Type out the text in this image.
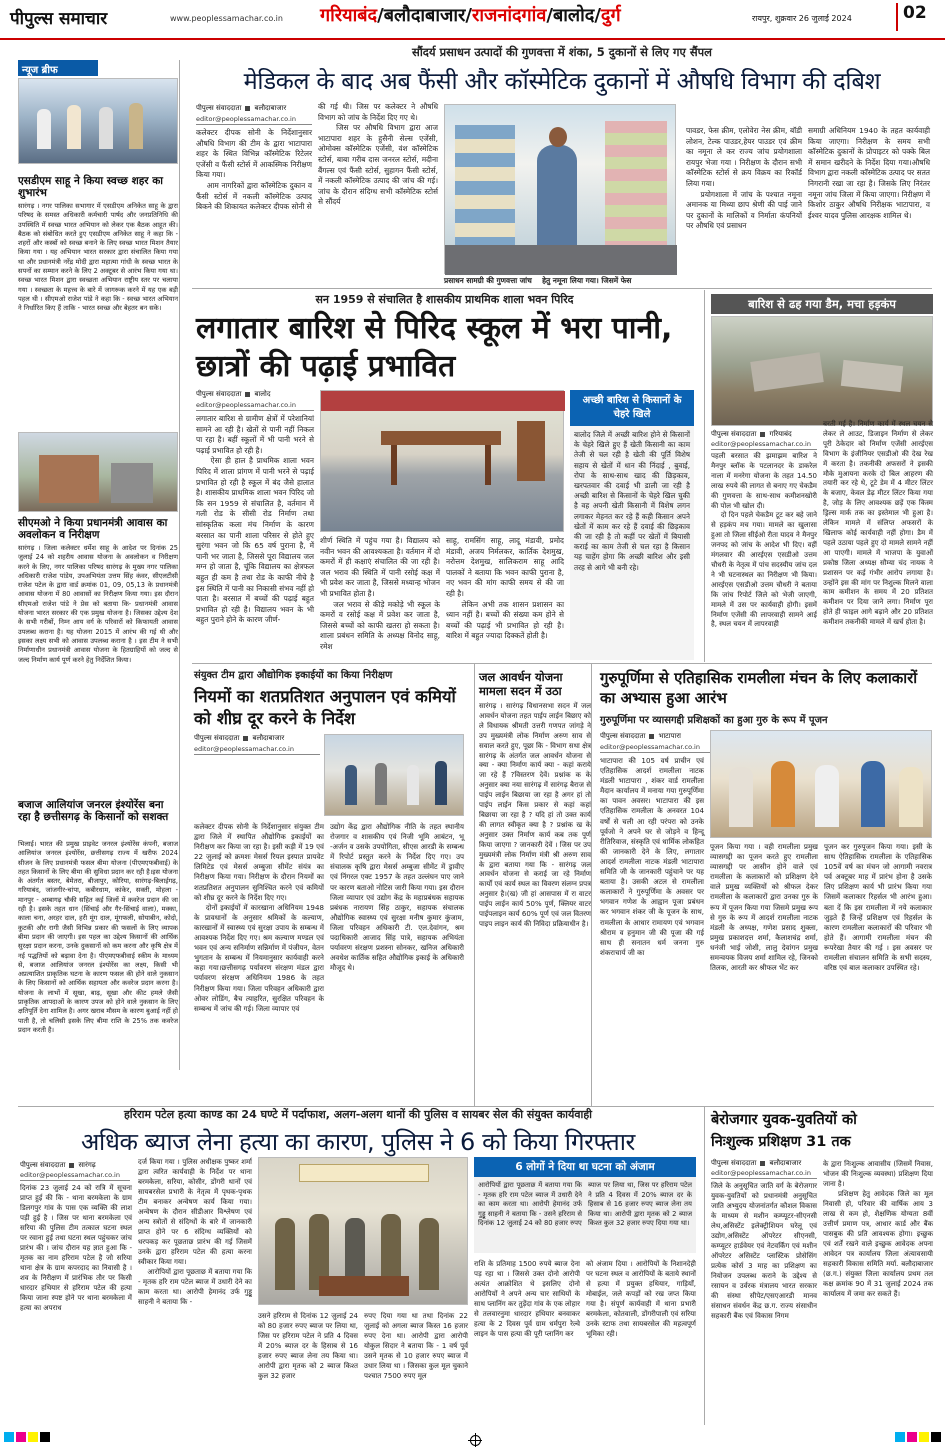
पीपुल्स समाचार	www.peoplessamachar.co.in गरियाबंद/बलौदाबाजार/राजनांदगांव/बालोद/दुर्ग	रायपुर, शुक्रवार 26 जुलाई 2024	02
न्यूज ब्रीफ
एसडीएम साहू ने किया स्वच्छ शहर का शुभारंभ
सारंगढ़ । नगर पालिका सभागार में एसडीएम अनिकेत साहू के द्वारा परिषद के समस्त अधिकारी कर्मचारी पार्षद और जनप्रतिनिधि की उपस्थिति में स्वच्छ भारत अभियान को लेकर एक बैठक आहूत की। बैठक को संबोधित करते हुए एसडीएम अनिकेत साहू ने कहा कि - शहरों और कस्बों को स्वच्छ बनाने के लिए स्वच्छ भारत मिशन तैयार किया गया । यह अभियान भारत सरकार द्वारा संचालित किया गया था और प्रधानमंत्री नरेंद्र मोदी द्वारा महात्मा गांधी के स्वच्छ भारत के सपनों का सम्मान करने के लिए 2 अक्टूबर से आरंभ किया गया था। स्वच्छ भारत मिशन द्वारा स्वच्छता अभियान राष्ट्रीय स्तर पर चलाया गया । स्वच्छता के महत्त्व के बारे में जागरूक करने में यह एक बड़ी पहल थी । सीएमओ राजेश पांडे ने कहा कि - स्वच्छ भारत अभियान ने निर्धारित किए हैं ताकि - भारत स्वच्छ और बेहतर बन सके।
सीएमओ ने किया प्रधानमंत्री आवास का अवलोकन व निरीक्षण
सारंगढ़ । जिला कलेक्टर धर्मेश साहू के आदेश पर दिनांक 25 जुलाई 24 को शहरीय आवास योजना के अवलोकन व निरीक्षण करने के लिए, नगर पालिका परिषद सारंगढ़ के मुख्य नगर पालिका अधिकारी राजेश पांडेय, उपअभियंता उत्तम सिंह कंवर, सीएलटीसी राजेश पटेल के द्वारा वार्ड क्रमांक 01, 09, 05,13 के प्रधानमंत्री आवास योजना में 80 आवासों का निरीक्षण किया गया। इस दौरान सीएमओ राजेश पांडे ने प्रेस को बताया कि- प्रधानमंत्री आवास योजना भारत सरकार की एक प्रमुख योजना है। जिसका उद्देश्य देश के सभी गरीबों, निम्न आय वर्ग के परिवारों को किफायती आवास उपलब्ध कराना है। यह योजना 2015 में आरंभ की गई थी और इसका लक्ष्य सभी को आवास उपलब्ध कराना है । इस टीम ने सभी निर्माणाधीन प्रधानमंत्री आवास योजना के हितग्राहियों को जल्द से जल्द निर्माण कार्य पूर्ण करने हेतु निर्देशित किया।
बजाज आलियांज जनरल इंश्योरेंस बना रहा है छत्तीसगढ़ के किसानों को सशक्त
भिलाई। भारत की प्रमुख प्राइवेट जनरल इंश्योरेंस कंपनी, बजाज आलियांज जनरल इंश्योरेंस, छत्तीसगढ़ राज्य में खरीफ 2024 सीजन के लिए प्रधानमंत्री फसल बीमा योजना (पीएमएफबीवाई) के तहत किसानों के लिए बीमा की सुविधा प्रदान कर रही है।इस योजना के अंतर्गत बस्तर, बेमेतरा, बीजापुर, कोरिया, सारंगढ़-बिलाईगढ़, गरियाबंद, जांजगीर-चांपा, कबीरधाम, कांकेर, सक्ती, मोहला - मानपुर - अम्बागढ़ चौकी सहित कई जिलों में कवरेज प्रदान की जा रही है। इसके तहत धान (सिंचाई और गैर-सिंचाई वाला), मक्का, काला चना, अरहर दाल, हरी मूंग दाल, मूंगफली, सोयाबीन, कोदो, कुटकी और रागी जैसी विभिन्न प्रकार की फसलों के लिए व्यापक बीमा प्रदान की जाएगी। इस पहल का उद्देश्य किसानों की आर्थिक सुरक्षा प्रदान करना, उनके दुकसानों को कम करना और कृषि क्षेत्र में नई पद्धतियों को बढ़ावा देना है। पीएमएफबीवाई स्कीम के माध्यम से, बजाज आलियांज जनरल इंश्योरेंस का लक्ष्य, किसी भी अप्रत्याशित प्राकृतिक घटना के कारण फसल की होने वाले नुकसान के लिए किसानों को आर्थिक सहायता और कवरेज प्रदान करना है। योजना के लाभों में सूखा, बाढ़, सूखा और कीट हमले जैसी प्राकृतिक आपदाओं के कारण उपज को होने वाले नुकसान के लिए क्षतिपूर्ति देना शामिल है। अगर खराब मौसम के कारण बुआई नहीं हो पाती है, तो चलिसी इसके लिए बीमा राशि के 25% तक कवरेज प्रदान करती है।
सौंदर्य प्रसाधन उत्पादों की गुणवत्ता में शंका, 5 दुकानों से लिए गए सैंपल
मेडिकल के बाद अब फैंसी और कॉस्मेटिक दुकानों में औषधि विभाग की दबिश
पीपुल्स संवाददाता बलौदाबाजार
editor@peoplessamachar.co.in
कलेक्टर दीपक सोनी के निर्देशानुसार औषधि विभाग की टीम के द्वारा भाटापारा शहर के स्थित विभिन्न कॉस्मेटिक रिटेलर एजेंसी व फैंसी स्टोर्स में आकस्मिक निरीक्षण किया गया।
आम नागरिकों द्वारा कॉस्मेटिक दुकान व फैंसी स्टोर्स में नकली कॉस्मेटिक उत्पाद बिकने की शिकायत कलेक्टर दीपक सोनी से
की गई थी। जिस पर कलेक्टर ने औषधि विभाग को जांच के निर्देश दिए गए थे।
जिस पर औषधि विभाग द्वारा आज भाटापारा शहर के हुसैनी सेल्स एजेंसी, ओमोक्स कॉस्मेटिक एजेंसी, वंश कॉस्मेटिक स्टोर्स, बाबा गरीब दास जनरल स्टोर्स, मदीना बैंगल्स एवं फैंसी स्टोर्स, सुहागन फैंसी स्टोर्स, में नकली कॉस्मेटिक उत्पाद की जांच की गई। जांच के दौरान संदिग्ध सभी कॉस्मेटिक स्टोर्स से सौंदर्य
प्रसाधन सामग्री की गुणवत्ता जांच    हेतु नमूना लिया गया। जिसमें फेस
पावडर, फेस क्रीम, एलोवेरा नेस क्रीम, बॉडी लोशन, टेल्क पाउडर,हेयर पाउडर एवं क्रीम का नमूना ले कर राज्य जांच प्रयोगशाला रायपुर भेजा गया । निरीक्षण के दौरान सभी कॉस्मेटिक स्टोर्स से क्रय विक्रय का रिकॉर्ड लिया गया।
प्रयोगशाला में जांच के पश्चात नमूना अमानक या मिथ्या छाप श्रेणी की पाई जाने पर दुकानों के मालिकों व निर्माता कंपनियों पर औषधि एवं प्रसाधन
समाग्री अधिनियम 1940 के तहत कार्यवाही किया जाएगा। निरीक्षण के समय सभी कॉस्मेटिक दुकानों के प्रोपाइटर को पक्के बिल में समान खरीदने के निर्देश दिया गया।औषधि विभाग द्वारा नकली कॉस्मेटिक उत्पाद पर सतत निगरानी रखा जा रहा है। जिसके लिए निरंतर नमूना जांच जिला में किया जाएगा। निरीक्षण में किशोर ठाकुर औषधि निरीक्षक भाटापारा, व ईश्वर यादव पुलिस आरक्षक शामिल थे।
सन 1959 से संचालित है शासकीय प्राथमिक शाला भवन पिरिद
लगातार बारिश से पिरिद स्कूल में भरा पानी, छात्रों की पढ़ाई प्रभावित
पीपुल्स संवाददाता बालोद
editor@peoplessamachar.co.in
लगातार बारिश से ग्रामीण क्षेत्रों में परेशानियां सामने आ रही है। खेतों से पानी नहीं निकल पा रहा है। बहीं स्कूलों में भी पानी भरने से पढ़ाई प्रभावित हो रही है।
ऐसा ही हाल है प्राथमिक शाला भवन पिरिद में शाला प्रांगण में पानी भरने से पढ़ाई प्रभावित हो रही है स्कूल में बंद जैसे हालात है। शासकीय प्राथमिक शाला भवन पिरिद जो कि सन 1959 से संचालित है, वर्तमान में गली रोड के सीसी रोड निर्माण तथा सांस्कृतिक कला मंच निर्माण के कारण बरसात का पानी शाला परिसर से होते हुए सुरंगा भवन जो कि 65 वर्ष पुराना है, में पानी भर जाता है, जिससे पूरा विद्यालय जल मग्न हो जाता है, चूंकि विद्यालय का क्षेत्रफल बहुत ही कम है तथा रोड के काफी नीचे है इस स्थिति में पानी का निकासी संभव नहीं हो पाता है। बरसात में बच्चों की पढ़ाई बहुत प्रभावित हो रही है। विद्यालय भवन के भी बहुत पुराने होने के कारण जीर्ण-
शीर्ण स्थिति में पहुंच गया है। विद्यालय को नवीन भवन की आवश्यकता है। वर्तमान में दो कमरों में ही कक्षाएं संचालित की जा रही है। जल भराव की स्थिति में पानी रसोई कक्ष में भी प्रवेश कर जाता है, जिससे मध्यान्ह भोजन भी प्रभावित होता है।
जल भराव से कीड़े मकोड़े भी स्कूल के कमरों व रसोई कक्ष में प्रवेश कर जाता है, जिससे बच्चों को काफी खतरा हो सकता है।शाला प्रबंधन समिति के अध्यक्ष विनोद साहू, रमेश
साहू, रामसिंग साहू, लादू मंडावी, प्रमोद मंडावी, अजय निर्मलकर, कार्तिक देशमुख, नरोत्तम देशमुख, सालिकराम साहू आदि पालकों ने बताया कि भवन काफी पुराना है, नए भवन की मांग काफी समय से की जा रही है।
लेकिन अभी तक शासन प्रशासन का ध्यान नहीं है। बच्चों की संख्या कम होने से बच्चों की पढ़ाई भी प्रभावित हो रही है। बारिश में बहुत ज्यादा दिक्कतें होती है।
अच्छी बारिश से किसानों के चेहरे खिले
बालोद जिले में अच्छी बारिश होने से किसानों के चेहरे खिले हुए हैं खेती किसानी का काम तेजी से चल रही है खेती की पूर्ति विशेष सहाय से खेतों में धान की निंदाई , बुवाई, रोपा के साथ-साथ खाद की छिड़काव, खरपतवार की दवाई भी डाली जा रही है अच्छी बारिश से किसानों के चेहरे खिल चुकी है वह अपनी खेती किसानी में विशेष लगन लगाकर मेहनत कर रहे हैं कही किसान अपने खेतों में काम कर रहे हैं दवाई की छिड़काव की जा रही है तो कहीं पर खेतों में बियासी कराई का काम तेजी से चल रहा है किसान यह चाहेंग होगा कि अच्छी बारिश और इसी तरह से आगे भी बनी रहे।
बारिश से ढह गया डैम, मचा हड़कंप
पीपुल्स संवाददाता गरियाबंद
editor@peoplessamachar.co.in
पहली बरसात की झमाझम बारिश ने मैनपुर ब्लॉक के पटलानदर के डाकरेल नाला में मनरेगा योजना के तहत 14.50 लाख रुपये की लागत से बनाए गए चेकडैम की गुणवत्ता के साथ-साथ कमीशनखोरी की पोल भी खोल दी।
दो दिन पहले चेकडैम टूट कर बहे जाने से हड़कंप मच गया। मामले का खुलासा हुआ तो जिला सीईओ रीता यादव ने मैनपुर जनपद को जांच के आदेश भी दिए। वहीं मंगलवार की आरईएस एसडीओ उत्तम चौधरी के नेतृत्व में पांच सदस्यीय जांच दल ने भी घटनास्थल का निरीक्षण भी किया। आरईएस एसडीओ उत्तम चौधरी ने बताया कि जांच रिपोर्ट जिले को भेजी जाएगी, मामले में उस पर कार्यवाही होगी। इसमें निर्माण एजेंसी की लापरवाही सामने आई है, स्थल चयन में लापरवाही
बरती गई है। निर्माण कार्य में स्थल चयन से लेकर ले आउट, डिजाइन निर्माण से लेकर पूरी ठेकेदार को निर्माण एजेंसी आरईएस विभाग के इंजीनियर एसडीओ की देख रेख में करता है। तकनीकी अफसरों ने इसकी मौके मुआयना करके दो बिल आहरण की तयारी कर रहे थे, टूटे डेम में 4 मीटर लिंटर के बजाए, केवल डेढ़ मीटर लिंटर किया गया है, जोड़ के लिए आवश्यक छड़ें एक किस्म ड्रिल्स मार्क तक का इस्तेमाल भी हुआ है। लेकिन मामले में संलिप्त अफसरों के खिलाफ कोई कार्यवाही नहीं होगा। डैम में पहले उठाया पहले हुए दो मामले सामने नहीं आ पाएगी। मामले में भाजपा के युवाओं प्रकोष्ठ जिला अध्यक्ष सौम्या चंद नायक ने प्रशासन पर कई गंभीर आरोप लगाया है। उन्होंने इस की मांग पर निशुल्क मिलने वाला काम कमीशन के समय में 20 प्रतिशत कमीशन पर दिया जाने लगा। निर्माण पूरा होते ही फाइल आगे बढ़ाने और 20 प्रतिशत कमीशन तकनीकी मामले में खर्च होता है।
संयुक्त टीम द्वारा औद्योगिक इकाईयों का किया निरीक्षण
नियमों का शतप्रतिशत अनुपालन एवं कमियों को शीघ्र दूर करने के निर्देश
पीपुल्स संवाददाता बलौदाबाजार
editor@peoplessamachar.co.in
कलेक्टर दीपक सोनी के निर्देशानुसार संयुक्त टीम द्वारा जिले में स्थापित औद्योगिक इकाईयों का निरीक्षण कर किया जा रहा है। इसी कड़ी में 19 एवं 22 जुलाई को क्रमशः मेसर्स रियल इस्पात प्रायवेट लिमिटेड एवं मेसर्स अम्बुजा सीमेंट संयंत्र का निरीक्षण किया गया। निरीक्षण के दौरान नियमों का शतप्रतिशत अनुपालन सुनिश्चित करने एवं कमियों को शीघ्र दूर करने के निर्देश दिए गए।
दोनों इकाईयों में कारखाना अधिनियम 1948 के प्रावधानों के अनुसार श्रमिकों के कल्याण, कारखानों में स्वास्थ्य एवं सुरक्षा उपाय के सम्बन्ध में आवश्यक निर्देश दिए गए। श्रम कल्याण मण्डल एवं भवन एवं अन्य सनिर्माण सन्निर्माण में पंजीयन, वेतन भुगतान के सम्बन्ध में नियमानुसार कार्यवाही करने कहा गया।छत्तीसगढ़ पर्यावरण संरक्षण मंडल द्वारा पर्यावरण संरक्षण अधिनियम 1986 के तहत निरीक्षण किया गया। जिला परिवहन अधिकारी द्वारा ओवर लोडिंग, बैच त्याहरित, सुरक्षित परिवहन के सम्बन्ध में जांच की गई। जिला व्यापार एवं
उद्योग केंद्र द्वारा औद्योगिक नीति के तहत स्थानीय रोजगार व शासकीय एवं निजी भूमि आबंटन, भू -अर्जन व उसके उपयोगिता, सीएस आरडी के सम्बन्ध में रिपोर्ट प्रस्तुत करने के निर्देश दिए गए। उप संचालक कृषि द्वारा मेसर्स अम्बुजा सीमेंट में ड्रावीए एवं निंगरल एक्ट 1957 के तहत उल्लंघन पाए जाने पर कारण बताओ नोटिस जारी किया गया। इस दौरान जिला व्यापार एवं उद्योग केंद्र के महाप्रबंधक सहायक प्रबंधक नारायण सिंह ठाकुर, सहायक संचालक औद्योगिक स्वास्थ्य एवं सुरक्षा मनीष कुमार कुंजाम, जिला परिवहन अधिकारी टी. एल.देवांगन, श्रम पदाधिकारी आजाद सिंह पात्रे, सहायक अभियंता पर्यावरण संरक्षण प्रशस्ना सोनकर, खनिज अधिकारी अवधेश कार्तिक सहित औद्योगिक इकाई के अधिकारी मौजूद थे।
जल आवर्धन योजना मामला सदन में उठा
सारंगढ़ । सारंगढ़ विधानसभा सदन में जल आवर्धन योजना तहत पाईप लाईन बिछाए को ले विधायक श्रीमती उत्तरी गणपत जांगड़े ने उप मुख्यमंत्री लोक निर्माण अरुण साव से सवाल करते हुए, पूछा कि - विभाग सथा क्षेत्र सारंगढ़ के अंतर्गत जल आवर्धन योजना से क्या - क्या निर्माण कार्य क्या - कहां कराये जा रहे हैं ?विस्तरण देवें। प्रश्नांक क के अनुसार क्या नया सारंगढ़ में सारंगढ़ बैराज से पाईप लाईन बिछाया जा रहा है अगर हां तो पाईप लाईन किस प्रकार से कहां कहां बिछाया जा रहा है ? यदि हां तो उक्त कार्य की लागत स्वीकृत क्या है ? प्रश्नांक ख के अनुसार उक्त निर्माण कार्य कब तक पूर्ण किया जाएगा ? जानकारी देवें । जिस पर उप मुख्यमंत्री लोक निर्माण मंत्री श्री अरुण साव के द्वारा बताया गया कि - सारंगढ़ जल आवर्धन योजना से कराई जा रहे निर्माण कार्यों एवं कार्य स्थल का विवरण संलग्न प्रपत्र अनुसार है।(ख) जी हां आसपास में रा वाटर पाईप लाईन कार्य 50% पूर्ण, क्लियर वाटर पाईपलाइन कार्य 60% पूर्ण एवं जल वितरण पाइप लाइन कार्य की निविदा प्रक्रियाधीन है।
गुरुपूर्णिमा से एतिहासिक रामलीला मंचन के लिए कलाकारों का अभ्यास हुआ आरंभ
गुरुपूर्णिमा पर व्यासगद्दी प्रशिक्षकों का हुआ गुरु के रूप में पूजन
पीपुल्स संवाददाता भाटापारा
editor@peoplessamachar.co.in
भाटापारा की 105 वर्ष प्राचीन एवं एतिहासिक आदर्श रामलीला नाटक मंडली भाटापारा , शंकर वार्ड रामलीला मैदान कार्यालय में मनाया गया गुरुपूर्णिमा का पावन अवसर। भाटापारा की इस एतिहासिक रामलीला के अनवरत 104 वर्षों से चली आ रही परंपरा को उनके पूर्वजो ने अपने घर से जोड़ने व हिन्दू रीतिरिवाज, संस्कृति एवं धार्मिक लोकहित की जानकारी देने के लिए, लगातार आदर्श रामलीला नाटक मंडली भाटापारा समिति जी के जानकारी पहुंचाने पर यह बताया है। उसकी अटल से रामलीला कलाकारों ने गुरुपूर्णिमा के अवसर पर भगवान गणेश के आह्वान पूजा प्रबंधन कर भगवान शंकर जी के पूजन के साथ, रामलीला के आधार रामायण एवं भगवान श्रीराम व हनुमान जी की पूजा की गई साथ ही सनातन धर्म जनना गुरु शंकराचार्य जी का
पूजन किया गया । वही रामलीला प्रमुख व्यासगद्दी का पूजन करते हुए रामलीला व्यासगद्दी पर आसीन होने वाले एवं रामलीला के कलाकारों को प्रशिक्षण देने वाले प्रमुख व्यक्तियों को श्रीफल देकर रामलीला के कलाकारों द्वारा उनका गुरु के रूप में पूजन किया गया जिसमे प्रमुख रूप से गुरु के रूप में आदर्श रामलीला नाटक मंडली के अध्यक्ष, गणेश प्रसाद शुक्ला, प्रमुख प्रकाशदत्त शर्मा, कैलाशचंद्र शर्मा, धनंजी भाई जोशी, लालु देवांगन प्रमुख समन्वयक विजय शर्मा शामिल रहे, जिनको तिलक, आरती कर श्रीफल भेंट कर
पूजन कर गुरुपूजन किया गया। इसी के साथ ऐतिहासिक रामलीला के एतिहासिक 105वें वर्ष का मंचन जो आगामी नवरात्र पर्व अक्टूबर माह में प्रारंभ होना है उसके लिए प्रशिक्षण कार्य भी प्रारंभ किया गया जिसमें कलाकार रिहर्सल भी आरंभ हुआ। बता दें कि इस रामलीला में नये कलाकार जुड़ते हैं जिन्हें प्रशिक्षण एवं रिहर्सल के कारण रामलीला कलाकारों की परिवार भी होते हैं। आगामी रामलीला मंचन की रूपरेखा तैयार की गई । इस अवसर पर रामलीला संचालन समिति के सभी सदस्य, वरिष्ठ एवं बाल कलाकार उपस्थित रहे।
हरिराम पटेल हत्या काण्ड का 24 घण्टे में पर्दाफाश, अलग-अलग थानों की पुलिस व सायबर सेल की संयुक्त कार्यवाही
अधिक ब्याज लेना हत्या का कारण, पुलिस ने 6 को किया गिरफ्तार
पीपुल्स संवाददाता सारंगढ़
editor@peoplessamachar.co.in
दिनांक 23 जुलाई 24 को रात्रि में सूचना प्राप्त हुई की कि - थाना बरमकेला के ग्राम डिलगपुर गांव के पास एक व्यक्ति की लाश पड़ी हुई है । जिस पर थाना बरमकेला एवं सरिया की पुलिस टीम तत्काल घटना स्थल पर रवाना हुई तथा घटना स्थल पहुंचकर जांच प्रारंभ की । जांच दौरान यह ज्ञात हुआ कि - मृतक का नाम हरिराम पटेल है जो सरिया थाना क्षेत्र के ग्राम कपरदाद का निवासी है । शव के निरीक्षण में प्रारंभिक तौर पर किसी धारदार हथियार से हरिराम पटेल की हत्या किया जाना स्पष्ट होने पर थाना बरमकेला में हत्या का अपराध
दर्ज किया गया । पुलिस अधीक्षक पुष्कर शर्मा द्वारा त्वरित कार्यवाही के निर्देश पर थाना बरमकेला, सरिया, कोसीर, डोंगरी थानों एवं सायबरसेल प्रभारी के नेतृत्व में पृथक-पृथक टीम बनाकर अन्वेषण कार्य किया गया। अन्वेषण के दौरान सीडीआर विश्लेषण एवं अन्य स्त्रोतों से संदिग्धों के बारे में जानकारी प्राप्त होने पर 6 संदिग्ध व्यक्तियों को धरपकड़ कर पूछताछ प्रारंभ की गई जिसमें उनके द्वारा हरिराम पटेल की हत्या करना स्वीकार किया गया।
आरोपियों द्वारा पूछताछ में बताया गया कि - मृतक हरि राम पटेल ब्याज में उधारी देने का काम करता था। आरोपी हेमानंद उर्फ गुड्डू साहनी ने बताया कि -
उसने हरिराम से दिनांक 12 जुलाई 24 को 80 हजार रुपए ब्याज पर लिया था, जिस पर हरिराम पटेल ने प्रति 4 दिवस में 20% ब्याज दर के हिसाब से 16 हजार रुपए ब्याज लेना तय किया था। आरोपी द्वारा मृतक को 2 ब्याज किश्त कुल 32 हजार
रुपए दिया गया था तथा दिनांक 22 जुलाई को अगला ब्याज किस्त 16 हजार रुपए देना था। आरोपी द्वारा आरोपी योकुल सिदार ने बताया कि - 1 वर्ष पूर्व उसने मृतक से 10 हजार रुपए ब्याज में उधार लिया था । जिसका कुल मूल चुकाने पश्चात 7500 रुपए मूल
6 लोगों ने दिया था घटना को अंजाम
आरोपियों द्वारा पूछताछ में बताया गया कि - मृतक हरि राम पटेल ब्याज में उधारी देने का काम करता था। आरोपी हेमानंद उर्फ गुड्डू साहनी ने बताया कि - उसने हरिराम से दिनांक 12 जुलाई 24 को 80 हजार रुपए
ब्याज पर लिया था, जिस पर हरिराम पटेल ने प्रति 4 दिवस में 20% ब्याज दर के हिसाब से 16 हजार रुपए ब्याज लेना तय किया था। आरोपी द्वारा मृतक को 2 ब्याज किश्त कुल 32 हजार रुपए दिया गया था।
राशि के प्रतिमाह 1500 रुपये ब्याज देना पड़ रहा था । जिससे उक्त दोनो आरोपी अत्यंत आक्रोशित थे इसलिए दोनो आरोपियों ने अपने अन्य चार साथियों के साथ प्लानिंग कर तुड़ेंदा गांव के एक लोहार से तलवारनुमा धारदार हथियार बनवाकर हत्या के 2 दिवस पूर्व ग्राम धर्मपुरा रेल्वे लाइन के पास हत्या की पूरी प्लानिंग कर
को अंजाम दिया । आरोपियों के निशानदेही पर घटना स्थल व आरोपियों के बताये स्थानों से हत्या में प्रयुक्त हथियार, गाड़ियाँ, मोबाईल, जले कपड़ों को रख जप्त किया गया है। संपूर्ण कार्यवाही में थाना प्रभारी बरमकेला, कोतवाली, डोंगरीपाली एवं सरिया उनके स्टाफ तथा सायबरसेल की महत्वपूर्ण भूमिका रही।
बेरोजगार युवक-युवतियों को
निःशुल्क प्रशिक्षण 31 तक
पीपुल्स संवाददाता बलौदाबाजार
editor@peoplessamachar.co.in
जिले के अनुसूचित जाति वर्ग के बेरोजगार युवक-युवतियों को प्रधानमंत्री अनुसूचित जाति अभ्युदय योजनांतर्गत कौशल विकास के माध्यम से मशीन कम्प्यूटर-सीएनसी लेथ,असिस्टेंट इलेक्ट्रीशियन घरेलू एवं उद्योग,असिस्टेंट ऑपरेटर सीएनसी, कम्प्यूटर हार्डवेयर एवं नेटवर्किंग एवं मशीन ऑपरेटर असिस्टेंट प्लास्टिक प्रोसेसिंग प्रत्येक कोर्स 3 माह का प्रशिक्षण का नियोजन उपलब्ध कराने के उद्देश्य से रसायन व उर्वरक मंत्रालय भारत सरकार की संस्था सीपेट/एसएआरडी मानव संसाधन संवर्धन केंद्र छ.ग. राज्य संसाधीन सहकारी बैंक एवं विकास निगम
के द्वारा निःशुल्क आवासीय (जिसमें निवास, भोजन की निःशुल्क व्यवस्था) प्रशिक्षण दिया जाना है।
प्रशिक्षण हेतु आवेदक जिले का मूल निवासी हो, परिवार की वार्षिक आय 3 लाख से कम हो, शैक्षणिक योग्यता 8वीं उत्तीर्ण प्रमाण पत्र, आधार कार्ड और बैंक पासबुक की प्रति आवश्यक होगा। इच्छुक एवं शर्तें रखने वाले इच्छुक आवेदक अपना आवेदन पत्र कार्यालय जिला अंत्यावसायी सहकारी विकास समिति मर्या. बलौदाबाजार (छ.ग.) संयुक्त जिला कार्यालय प्रथम तल कक्ष क्रमांक 90 में 31 जुलाई 2024 तक कार्यालय में जमा कर सकते हैं।
